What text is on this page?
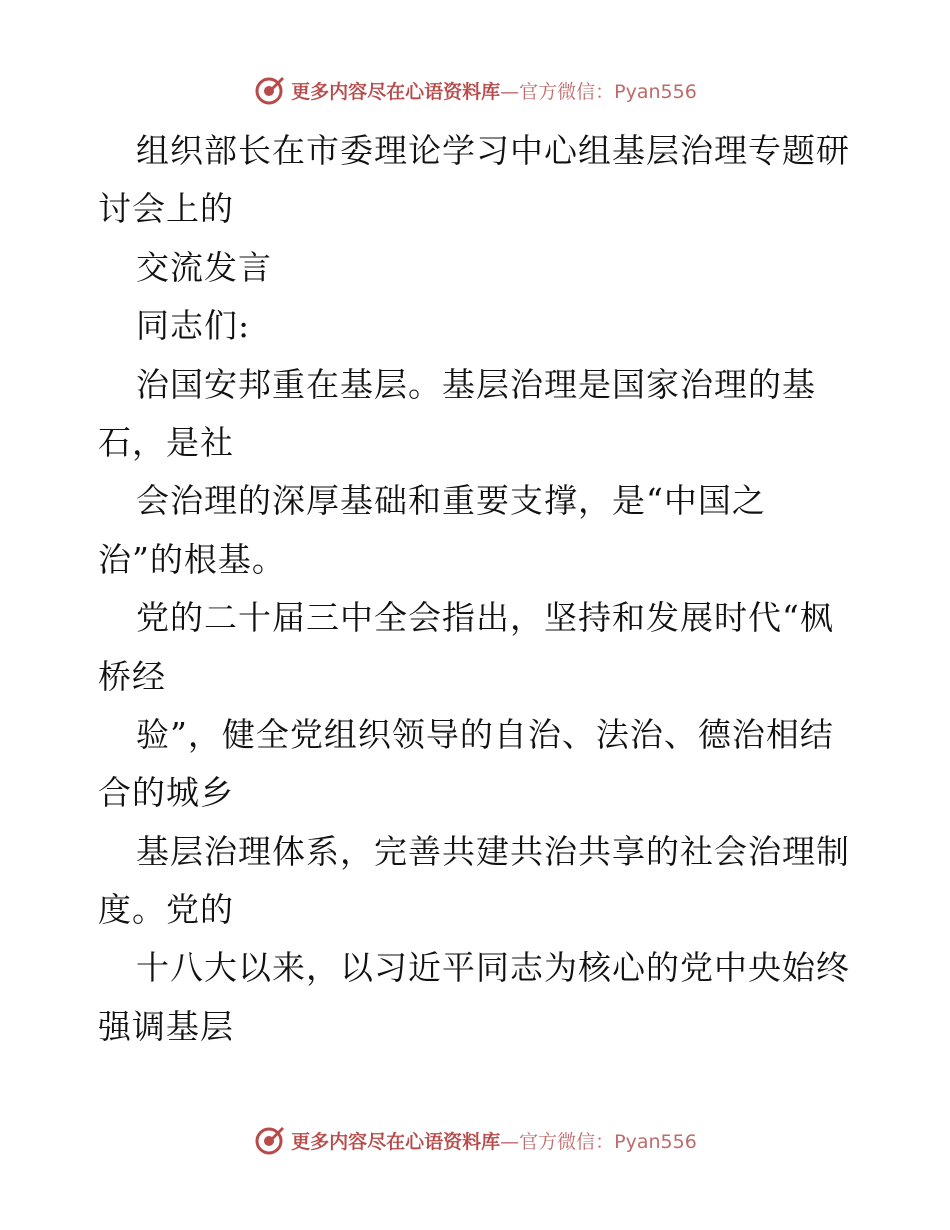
更多内容尽在心语资料库 —官方微信：Pyan556
组织部长在市委理论学习中心组基层治理专题研
讨会上的
交流发言
同志们:
治国安邦重在基层。基层治理是国家治理的基
石，是社
会治理的深厚基础和重要支撑，是“中国之
治”的根基。
党的二十届三中全会指出，坚持和发展时代“枫
桥经
验”，健全党组织领导的自治、法治、德治相结
合的城乡
基层治理体系，完善共建共治共享的社会治理制
度。党的
十八大以来，以习近平同志为核心的党中央始终
强调基层
更多内容尽在心语资料库 —官方微信：Pyan556
